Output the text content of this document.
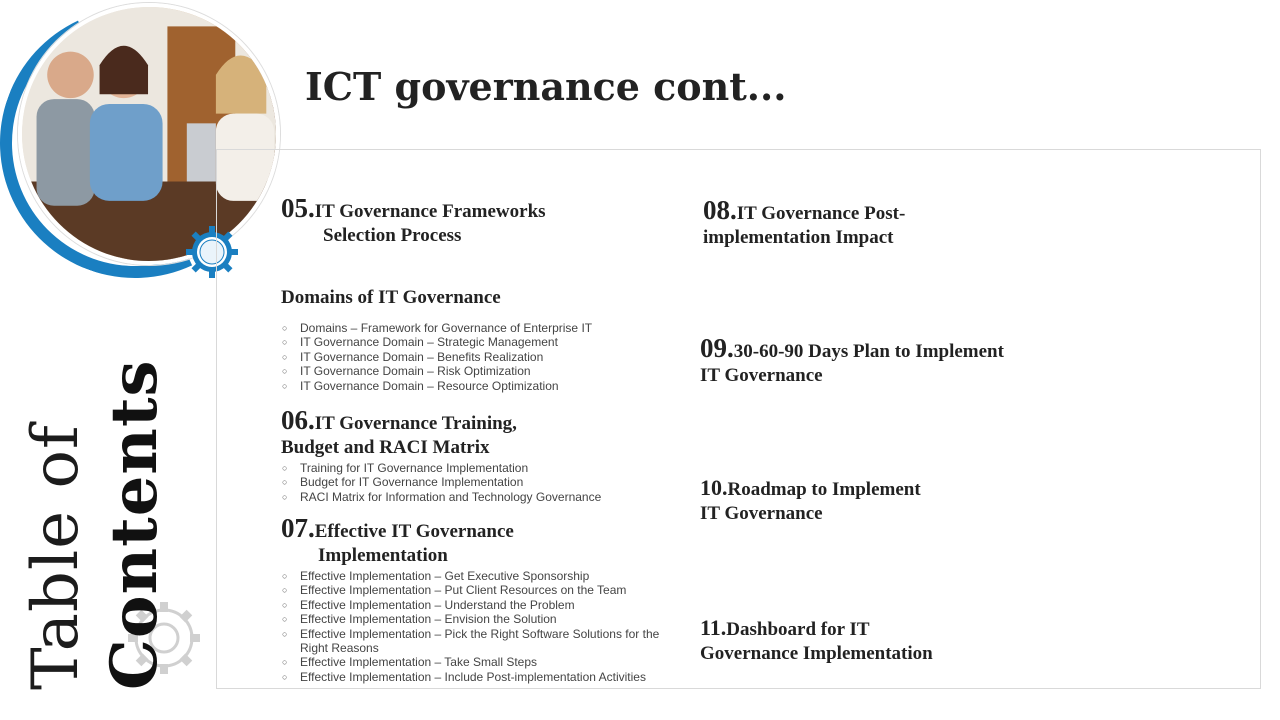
Table of Contents
ICT governance cont...
05.IT Governance Frameworks
Selection Process
Domains of IT Governance
○ Domains – Framework for Governance of Enterprise IT
○ IT Governance Domain – Strategic Management
○ IT Governance Domain – Benefits Realization
○ IT Governance Domain – Risk Optimization
○ IT Governance Domain – Resource Optimization
06.IT Governance Training,
Budget and RACI Matrix
○ Training for IT Governance Implementation
○ Budget for IT Governance Implementation
○ RACI Matrix for Information and Technology Governance
07.Effective IT Governance
Implementation
○ Effective Implementation – Get Executive Sponsorship
○ Effective Implementation – Put Client Resources on the Team
○ Effective Implementation – Understand the Problem
○ Effective Implementation – Envision the Solution
○ Effective Implementation – Pick the Right Software Solutions for the Right Reasons
○ Effective Implementation – Take Small Steps
○ Effective Implementation – Include Post-implementation Activities
08.IT Governance Post-
implementation Impact
09.30-60-90 Days Plan to Implement
IT Governance
10.Roadmap to Implement
IT Governance
11.Dashboard for IT
Governance Implementation
